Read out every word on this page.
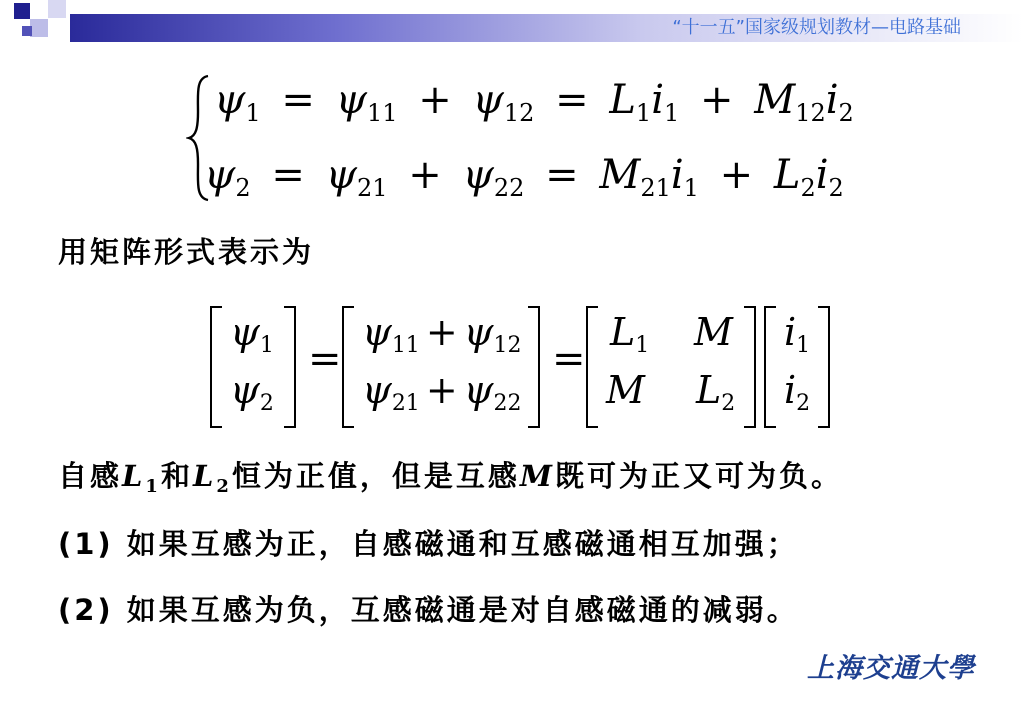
“十一五”国家级规划教材—电路基础
$\psi_1 = \psi_{11} + \psi_{12} = L_1i_1 + M_{12}i_2$
$\psi_2 = \psi_{21} + \psi_{22} = M_{21}i_1 + L_2i_2$
用矩阵形式表示为
$\psi_1$
$\psi_2$
=
$\psi_{11} + \psi_{12}$
$\psi_{21} + \psi_{22}$
=
$L_1$ M
M $L_2$
$i_1$
$i_2$
自感$L_1$和$L_2$恒为正值，但是互感M既可为正又可为负。
(1) 如果互感为正，自感磁通和互感磁通相互加强；
(2) 如果互感为负，互感磁通是对自感磁通的减弱。
上海交通大學
